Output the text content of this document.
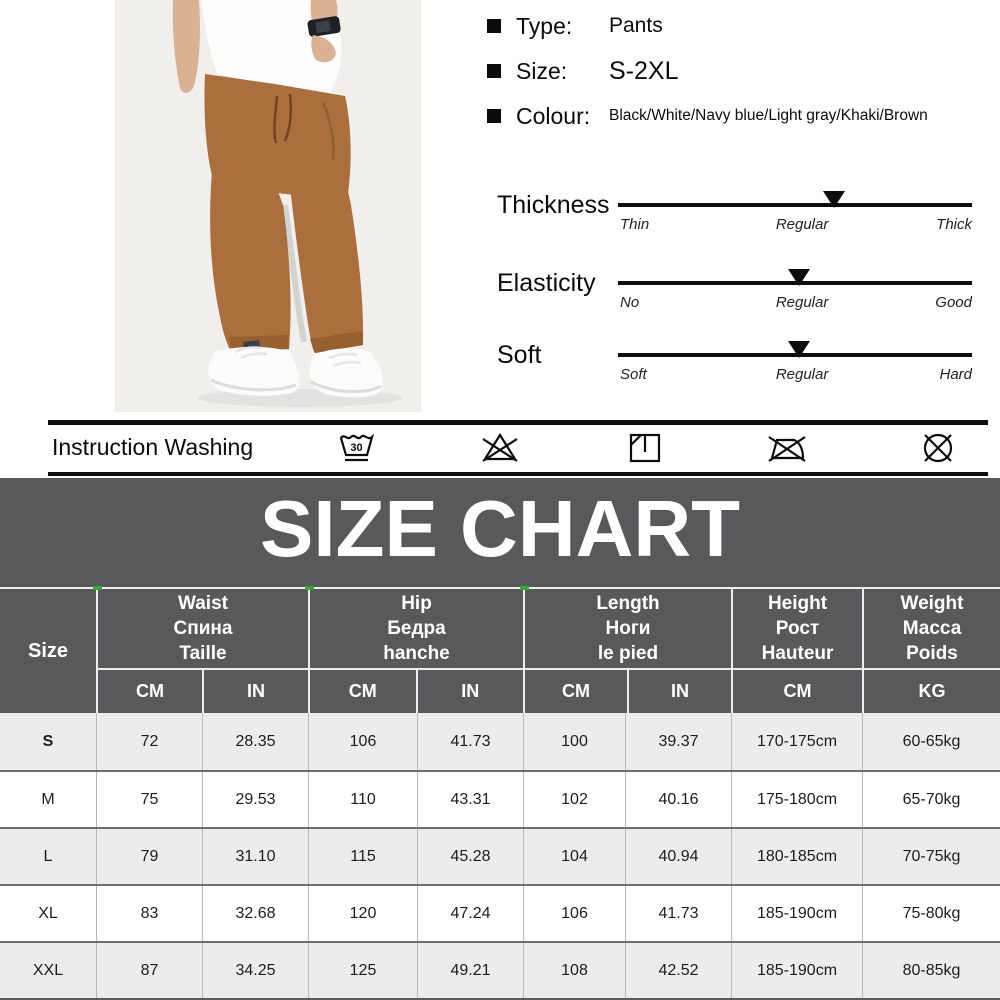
Type:	Pants
Size:	S-2XL
Colour:	Black/White/Navy blue/Light gray/Khaki/Brown
Thickness
Thin	Regular	Thick
Elasticity
No	Regular	Good
Soft
Soft	Regular	Hard
Instruction Washing	30
SIZE CHART
Size
Waist
Спина
Taille
CM	IN
Hip
Бедра
hanche
CM	IN
Length
Ноги
le pied
CM	IN
Height
Рост
Hauteur
CM
Weight
Масса
Poids
KG
S	72	28.35	106	41.73	100	39.37	170-175cm	60-65kg
M	75	29.53	110	43.31	102	40.16	175-180cm	65-70kg
L	79	31.10	115	45.28	104	40.94	180-185cm	70-75kg
XL	83	32.68	120	47.24	106	41.73	185-190cm	75-80kg
XXL	87	34.25	125	49.21	108	42.52	185-190cm	80-85kg
